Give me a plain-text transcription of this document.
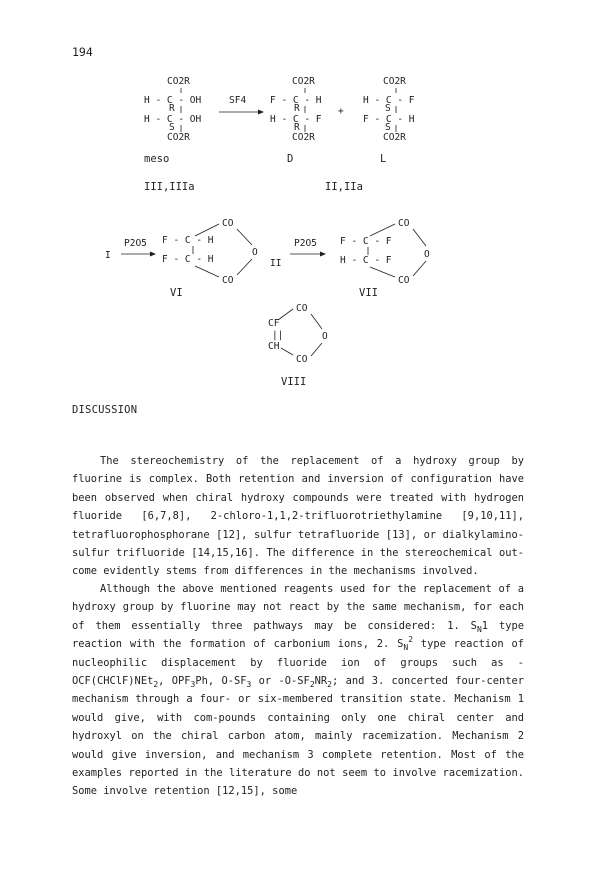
194
CO2R
H - C - OH
R
H - C - OH
S
CO2R
meso
III,IIIa
SF4
CO2R
F - C - H
R
H - C - F
R
CO2R
D
+
CO2R
H - C - F
S
F - C - H
S
CO2R
L
II,IIa
I
P2O5
CO
F - C - H
F - C - H
CO
O
VI
II
P2O5
CO
F - C - F
H - C - F
CO
O
VII
CO
CF
||
CH
CO
O
VIII
DISCUSSION
The stereochemistry of the replacement of a hydroxy group by fluorine is complex. Both retention and inversion of configuration have been observed when chiral hydroxy compounds were treated with hydrogen fluoride [6,7,8], 2-chloro-1,1,2-trifluorotriethylamine [9,10,11], tetrafluorophosphorane [12], sulfur tetrafluoride [13], or dialkylamino-sulfur trifluoride [14,15,16]. The difference in the stereochemical out-come evidently stems from differences in the mechanisms involved.
Although the above mentioned reagents used for the replacement of a hydroxy group by fluorine may not react by the same mechanism, for each of them essentially three pathways may be considered: 1. $S_N1$ type reaction with the formation of carbonium ions, 2. $S_N^2$ type reaction of nucleophilic displacement by fluoride ion of groups such as -OCF(CHClF)NEt$_2$, $OPF_3Ph$, $O-SF_3$ or $-O-SF_2NR_2$; and 3. concerted four-center mechanism through a four- or six-membered transition state. Mechanism 1 would give, with com-pounds containing only one chiral center and hydroxyl on the chiral carbon atom, mainly racemization. Mechanism 2 would give inversion, and mechanism 3 complete retention. Most of the examples reported in the literature do not seem to involve racemization. Some involve retention [12,15], some
